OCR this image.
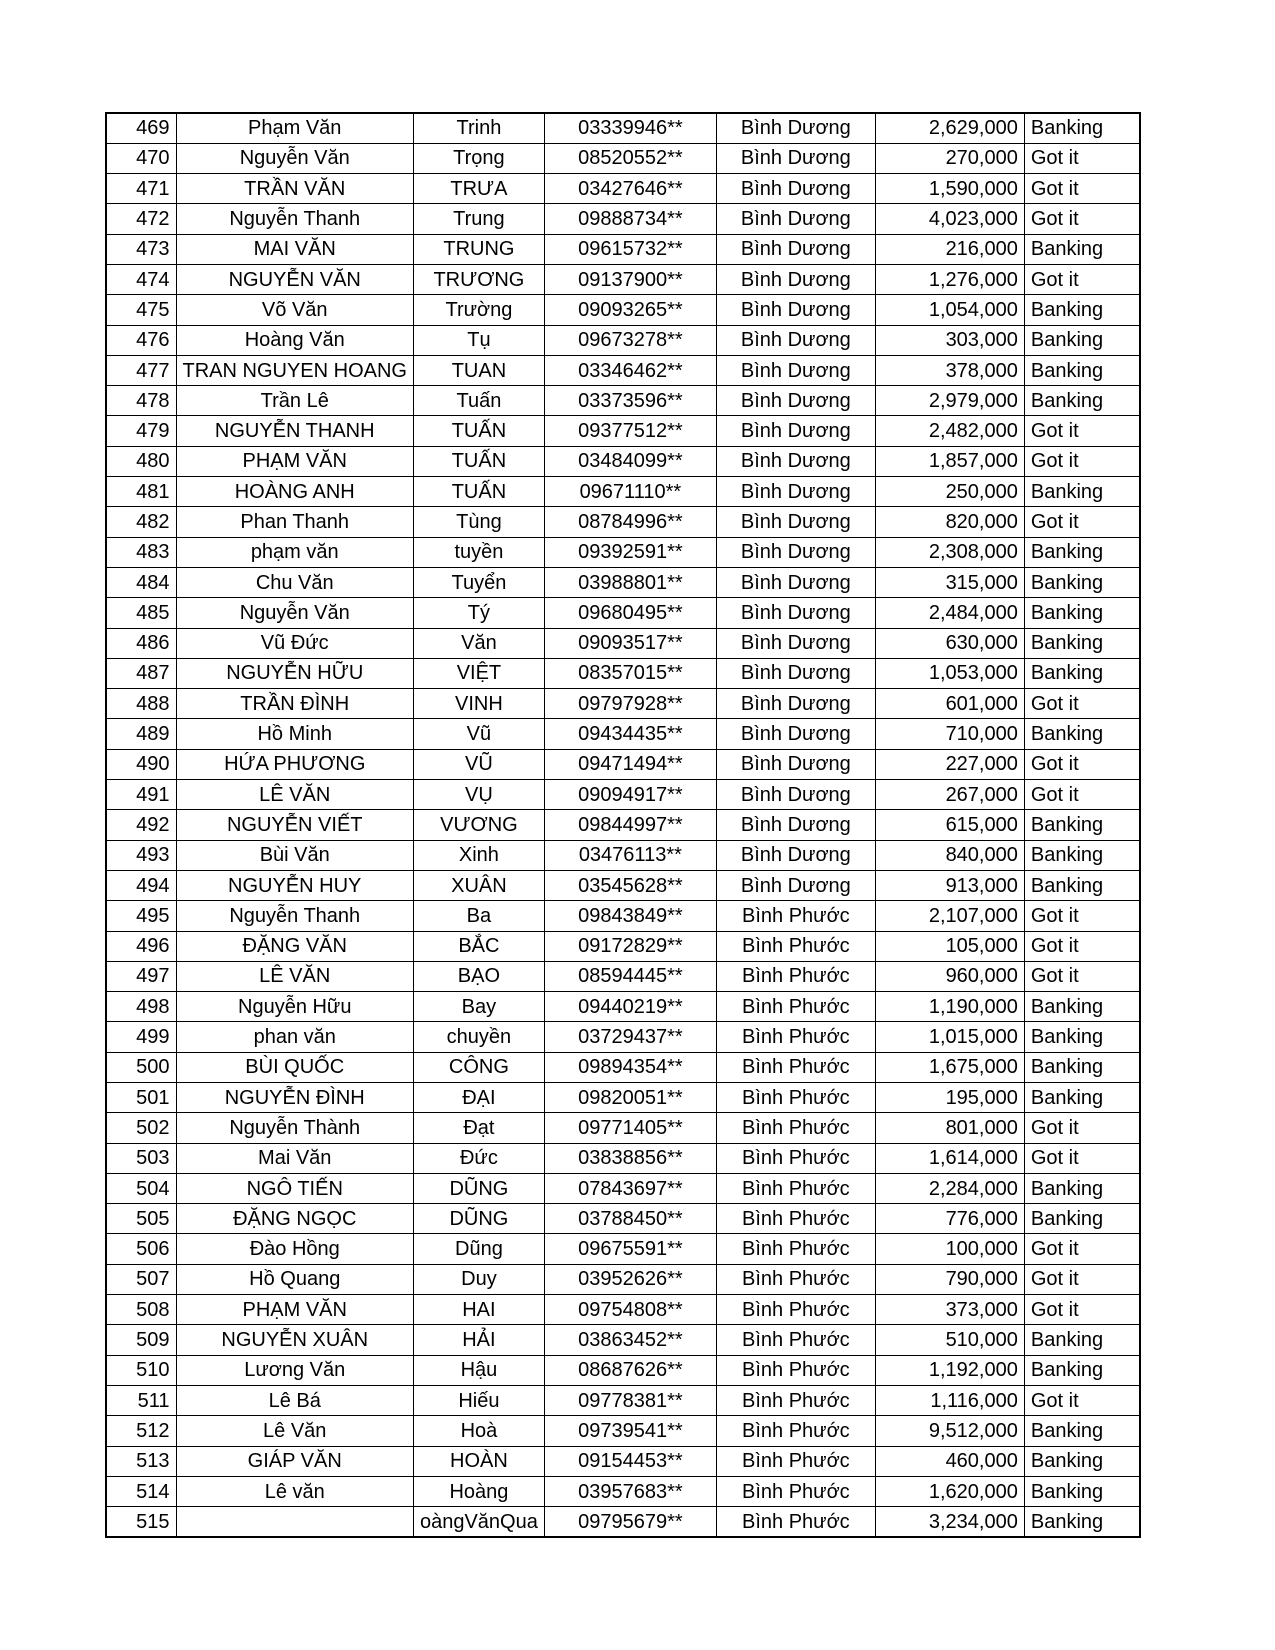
469	Phạm Văn	Trinh	03339946**	Bình Dương	2,629,000	Banking
470	Nguyễn Văn	Trọng	08520552**	Bình Dương	270,000	Got it
471	TRẦN VĂN	TRƯA	03427646**	Bình Dương	1,590,000	Got it
472	Nguyễn Thanh	Trung	09888734**	Bình Dương	4,023,000	Got it
473	MAI VĂN	TRUNG	09615732**	Bình Dương	216,000	Banking
474	NGUYỄN VĂN	TRƯƠNG	09137900**	Bình Dương	1,276,000	Got it
475	Võ Văn	Trường	09093265**	Bình Dương	1,054,000	Banking
476	Hoàng Văn	Tụ	09673278**	Bình Dương	303,000	Banking
477	TRAN NGUYEN HOANG	TUAN	03346462**	Bình Dương	378,000	Banking
478	Trần Lê	Tuấn	03373596**	Bình Dương	2,979,000	Banking
479	NGUYỄN THANH	TUẤN	09377512**	Bình Dương	2,482,000	Got it
480	PHẠM VĂN	TUẤN	03484099**	Bình Dương	1,857,000	Got it
481	HOÀNG ANH	TUẤN	09671110**	Bình Dương	250,000	Banking
482	Phan Thanh	Tùng	08784996**	Bình Dương	820,000	Got it
483	phạm văn	tuyền	09392591**	Bình Dương	2,308,000	Banking
484	Chu Văn	Tuyển	03988801**	Bình Dương	315,000	Banking
485	Nguyễn Văn	Tý	09680495**	Bình Dương	2,484,000	Banking
486	Vũ Đức	Văn	09093517**	Bình Dương	630,000	Banking
487	NGUYỄN HỮU	VIỆT	08357015**	Bình Dương	1,053,000	Banking
488	TRẦN ĐÌNH	VINH	09797928**	Bình Dương	601,000	Got it
489	Hồ Minh	Vũ	09434435**	Bình Dương	710,000	Banking
490	HỨA PHƯƠNG	VŨ	09471494**	Bình Dương	227,000	Got it
491	LÊ VĂN	VỤ	09094917**	Bình Dương	267,000	Got it
492	NGUYỄN VIẾT	VƯƠNG	09844997**	Bình Dương	615,000	Banking
493	Bùi Văn	Xinh	03476113**	Bình Dương	840,000	Banking
494	NGUYỄN HUY	XUÂN	03545628**	Bình Dương	913,000	Banking
495	Nguyễn Thanh	Ba	09843849**	Bình Phước	2,107,000	Got it
496	ĐẶNG VĂN	BẮC	09172829**	Bình Phước	105,000	Got it
497	LÊ VĂN	BẠO	08594445**	Bình Phước	960,000	Got it
498	Nguyễn Hữu	Bay	09440219**	Bình Phước	1,190,000	Banking
499	phan văn	chuyền	03729437**	Bình Phước	1,015,000	Banking
500	BÙI QUỐC	CÔNG	09894354**	Bình Phước	1,675,000	Banking
501	NGUYỄN ĐÌNH	ĐẠI	09820051**	Bình Phước	195,000	Banking
502	Nguyễn Thành	Đạt	09771405**	Bình Phước	801,000	Got it
503	Mai Văn	Đức	03838856**	Bình Phước	1,614,000	Got it
504	NGÔ TIẾN	DŨNG	07843697**	Bình Phước	2,284,000	Banking
505	ĐẶNG NGỌC	DŨNG	03788450**	Bình Phước	776,000	Banking
506	Đào Hồng	Dũng	09675591**	Bình Phước	100,000	Got it
507	Hồ Quang	Duy	03952626**	Bình Phước	790,000	Got it
508	PHẠM VĂN	HAI	09754808**	Bình Phước	373,000	Got it
509	NGUYỄN XUÂN	HẢI	03863452**	Bình Phước	510,000	Banking
510	Lương Văn	Hậu	08687626**	Bình Phước	1,192,000	Banking
511	Lê Bá	Hiếu	09778381**	Bình Phước	1,116,000	Got it
512	Lê Văn	Hoà	09739541**	Bình Phước	9,512,000	Banking
513	GIÁP VĂN	HOÀN	09154453**	Bình Phước	460,000	Banking
514	Lê văn	Hoàng	03957683**	Bình Phước	1,620,000	Banking
515		oàngVănQua	09795679**	Bình Phước	3,234,000	Banking
